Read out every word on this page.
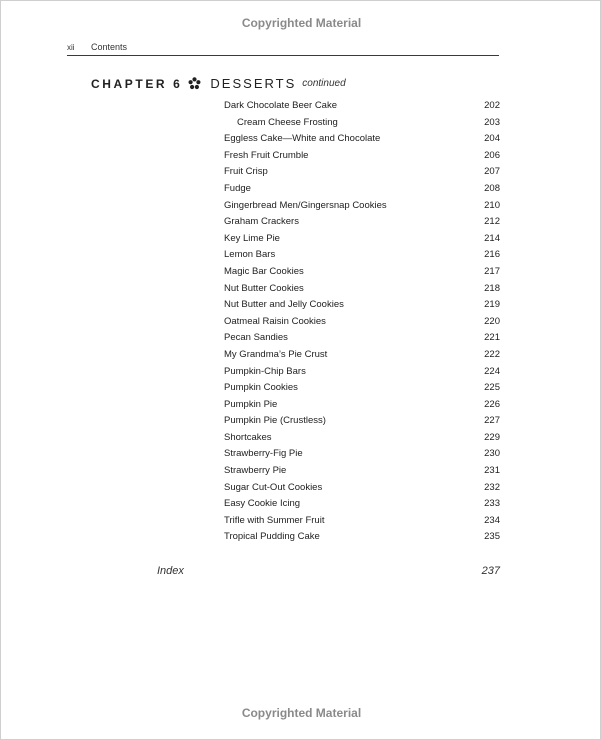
Copyrighted Material
xii Contents
CHAPTER 6 DESSERTS continued
Dark Chocolate Beer Cake	202
Cream Cheese Frosting	203
Eggless Cake—White and Chocolate	204
Fresh Fruit Crumble	206
Fruit Crisp	207
Fudge	208
Gingerbread Men/Gingersnap Cookies	210
Graham Crackers	212
Key Lime Pie	214
Lemon Bars	216
Magic Bar Cookies	217
Nut Butter Cookies	218
Nut Butter and Jelly Cookies	219
Oatmeal Raisin Cookies	220
Pecan Sandies	221
My Grandma’s Pie Crust	222
Pumpkin-Chip Bars	224
Pumpkin Cookies	225
Pumpkin Pie	226
Pumpkin Pie (Crustless)	227
Shortcakes	229
Strawberry-Fig Pie	230
Strawberry Pie	231
Sugar Cut-Out Cookies	232
Easy Cookie Icing	233
Trifle with Summer Fruit	234
Tropical Pudding Cake	235
Index	237
Copyrighted Material
